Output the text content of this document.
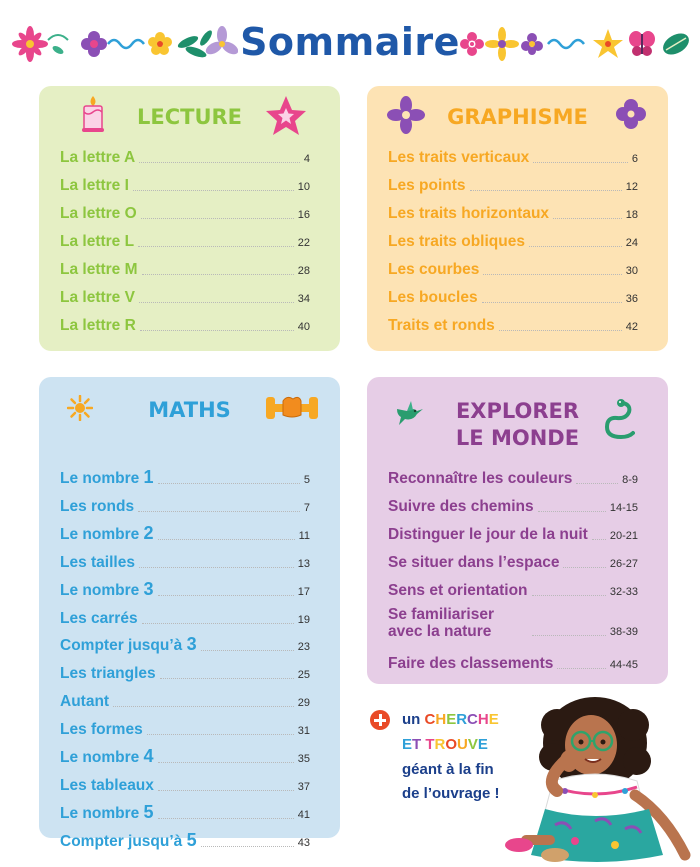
Sommaire
LECTURE	GRAPHISME
MATHS	EXPLORER
LE MONDE
La lettre A	4
La lettre I	10
La lettre O	16
La lettre L	22
La lettre M	28
La lettre V	34
La lettre R	40
Les traits verticaux	6
Les points	12
Les traits horizontaux	18
Les traits obliques	24
Les courbes	30
Les boucles	36
Traits et ronds	42
Le nombre 1	5
Les ronds	7
Le nombre 2	11
Les tailles	13
Le nombre 3	17
Les carrés	19
Compter jusqu’à 3	23
Les triangles	25
Autant	29
Les formes	31
Le nombre 4	35
Les tableaux	37
Le nombre 5	41
Compter jusqu’à 5	43
Reconnaître les couleurs	8-9
Suivre des chemins	14-15
Distinguer le jour de la nuit 20-21
Se situer dans l’espace	26-27
Sens et orientation	32-33
Se familiariser avec la nature	38-39
Faire des classements	44-45
un CHERCHE
ET TROUVE
géant à la fin
de l’ouvrage !
